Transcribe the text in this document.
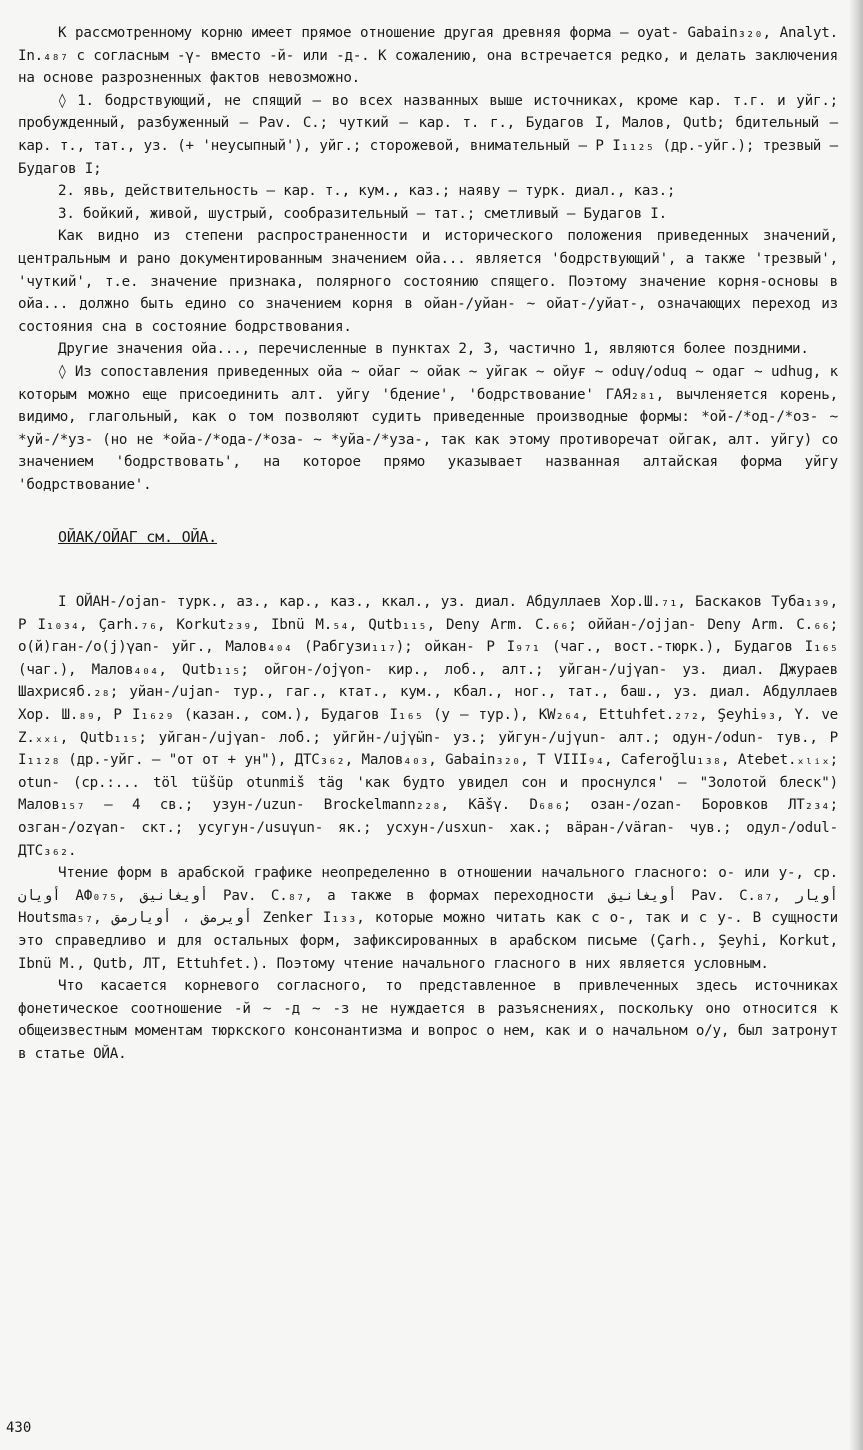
К рассмотренному корню имеет прямое отношение другая древняя форма – oyat- Gabain₃₂₀, Analyt. In.₄₈₇ с согласным -γ- вместо -й- или -д-. К сожалению, она встречается редко, и делать заключения на основе разрозненных фактов невозможно.

◊ 1. бодрствующий, не спящий – во всех названных выше источниках, кроме кар. т.г. и уйг.; пробужденный, разбуженный – Pav. C.; чуткий – кар. т. г., Будагов I, Малов, Qutb; бдительный – кар. т., тат., уз. (+ 'неусыпный'), уйг.; сторожевой, внимательный – Р I₁₁₂₅ (др.-уйг.); трезвый – Будагов I;

2. явь, действительность – кар. т., кум., каз.; наяву – турк. диал., каз.;

3. бойкий, живой, шустрый, сообразительный – тат.; сметливый – Будагов I.

Как видно из степени распространенности и исторического положения приведенных значений, центральным и рано документированным значением ойа... является 'бодрствующий', а также 'трезвый', 'чуткий', т.е. значение признака, полярного состоянию спящего. Поэтому значение корня-основы в ойа... должно быть едино со значением корня в ойан-/уйан- ~ ойат-/уйат-, означающих переход из состояния сна в состояние бодрствования.

Другие значения ойа..., перечисленные в пунктах 2, 3, частично 1, являются более поздними.

◊ Из сопоставления приведенных ойа ~ ойаг ~ ойак ~ уйгак ~ ойуғ ~ oduγ/oduq ~ oдаг ~ udhug, к которым можно еще присоединить алт. уйгу 'бдение', 'бодрствование' ГАЯ₂₈₁, вычленяется корень, видимо, глагольный, как о том позволяют судить приведенные производные формы: *ой-/*од-/*оз- ~ *уй-/*уз- (но не *ойа-/*ода-/*оза- ~ *уйа-/*уза-, так как этому противоречат ойгак, алт. уйгу) со значением 'бодрствовать', на которое прямо указывает названная алтайская форма уйгу 'бодрствование'.

ОЙАК/ОЙАГ см. ОЙА.

I ОЙАН-/ojan- турк., аз., кар., каз., ккал., уз. диал. Абдуллаев Хор.Ш.₇₁, Баскаков Туба₁₃₉, Р I₁₀₃₄, Çarh.₇₆, Korkut₂₃₉, Ibnü M.₅₄, Qutb₁₁₅, Deny Arm. C.₆₆; оййан-/ojjan- Deny Arm. C.₆₆; о(й)ган-/о(j)γan- уйг., Малов₄₀₄ (Рабгузи₁₁₇); ойкан- Р I₉₇₁ (чаг., вост.-тюрк.), Будагов I₁₆₅ (чаг.), Малов₄₀₄, Qutb₁₁₅; ойгон-/ojγon- кир., лоб., алт.; уйган-/ujγan- уз. диал. Джураев Шахрисяб.₂₈; уйан-/ujan- тур., гаг., ктат., кум., кбал., ног., тат., баш., уз. диал. Абдуллаев Хор. Ш.₈₉, Р I₁₆₂₉ (казан., сом.), Будагов I₁₆₅ (у – тур.), KW₂₆₄, Ettuhfet.₂₇₂, Şeyhi₉₃, Y. ve Z.ₓₓᵢ, Qutb₁₁₅; уйган-/ujγan- лоб.; уйгйн-/ujγӹn- уз.; уйгун-/ujγun- алт.; одун-/odun- тув., Р I₁₁₂₈ (др.-уйг. – "от от + ун"), ДТС₃₆₂, Малов₄₀₃, Gabain₃₂₀, T VIII₉₄, Caferoğlu₁₃₈, Atebet.ₓₗᵢₓ; otun- (ср.:... töl tüšüp otunmiš täg 'как будто увидел сон и проснулся' – "Золотой блеск") Малов₁₅₇ – 4 св.; узун-/uzun- Brockelmann₂₂₈, Kāšγ. D₆₈₆; озан-/ozan- Боровков ЛТ₂₃₄; озган-/ozγan- скт.; усугун-/usuγun- як.; усхун-/usxun- хак.; вäран-/väran- чув.; одул-/odul- ДТС₃₆₂.

Чтение форм в арабской графике неопределенно в отношении начального гласного: о- или у-, ср. أويان АФ₀₇₅, أويغانيق Pav. C.₈₇, а также в формах переходности أويغانيق Pav. C.₈₇, أويار Houtsma₅₇, أويرمق ، أويارمق Zenker I₁₃₃, которые можно читать как с о-, так и с у-. В сущности это справедливо и для остальных форм, зафиксированных в арабском письме (Çarh., Şeyhi, Korkut, Ibnü M., Qutb, ЛТ, Ettuhfet.). Поэтому чтение начального гласного в них является условным.

Что касается корневого согласного, то представленное в привлеченных здесь источниках фонетическое соотношение -й ~ -д ~ -з не нуждается в разъяснениях, поскольку оно относится к общеизвестным моментам тюркского консонантизма и вопрос о нем, как и о начальном о/у, был затронут в статье ОЙА.

430
